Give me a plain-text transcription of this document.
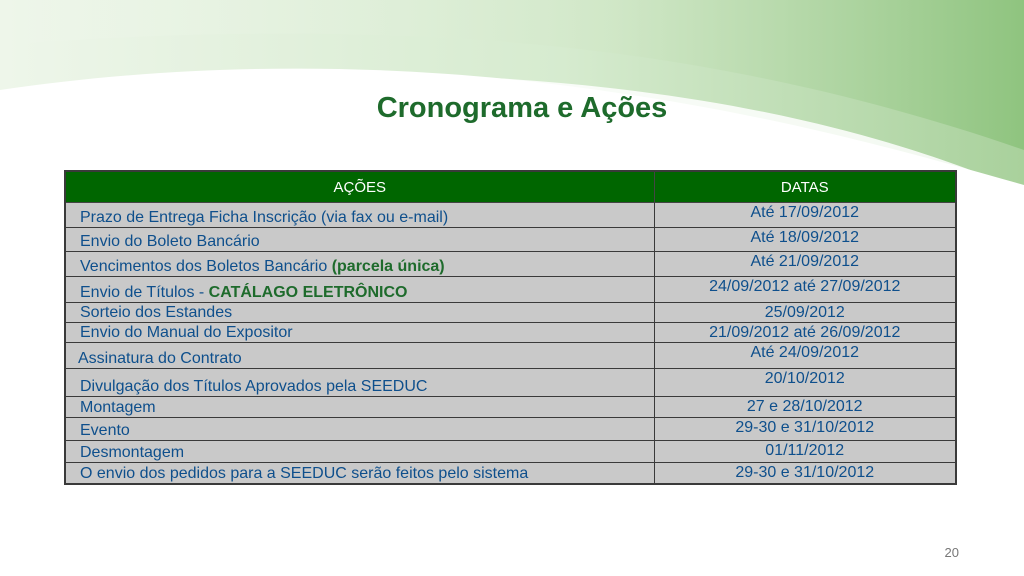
Cronograma e Ações
AÇÕES	DATAS
Prazo de Entrega Ficha Inscrição (via fax ou e-mail)	Até 17/09/2012
Envio do Boleto Bancário	Até 18/09/2012
Vencimentos dos Boletos Bancário (parcela única)	Até 21/09/2012
Envio de Títulos - CATÁLAGO ELETRÔNICO	24/09/2012 até 27/09/2012
Sorteio dos Estandes	25/09/2012
Envio do Manual do Expositor	21/09/2012 até 26/09/2012
Assinatura do Contrato	Até 24/09/2012
Divulgação dos Títulos Aprovados pela SEEDUC	20/10/2012
Montagem	27 e 28/10/2012
Evento	29-30 e 31/10/2012
Desmontagem	01/11/2012
O envio dos pedidos para a SEEDUC serão feitos pelo sistema	29-30 e 31/10/2012
20
